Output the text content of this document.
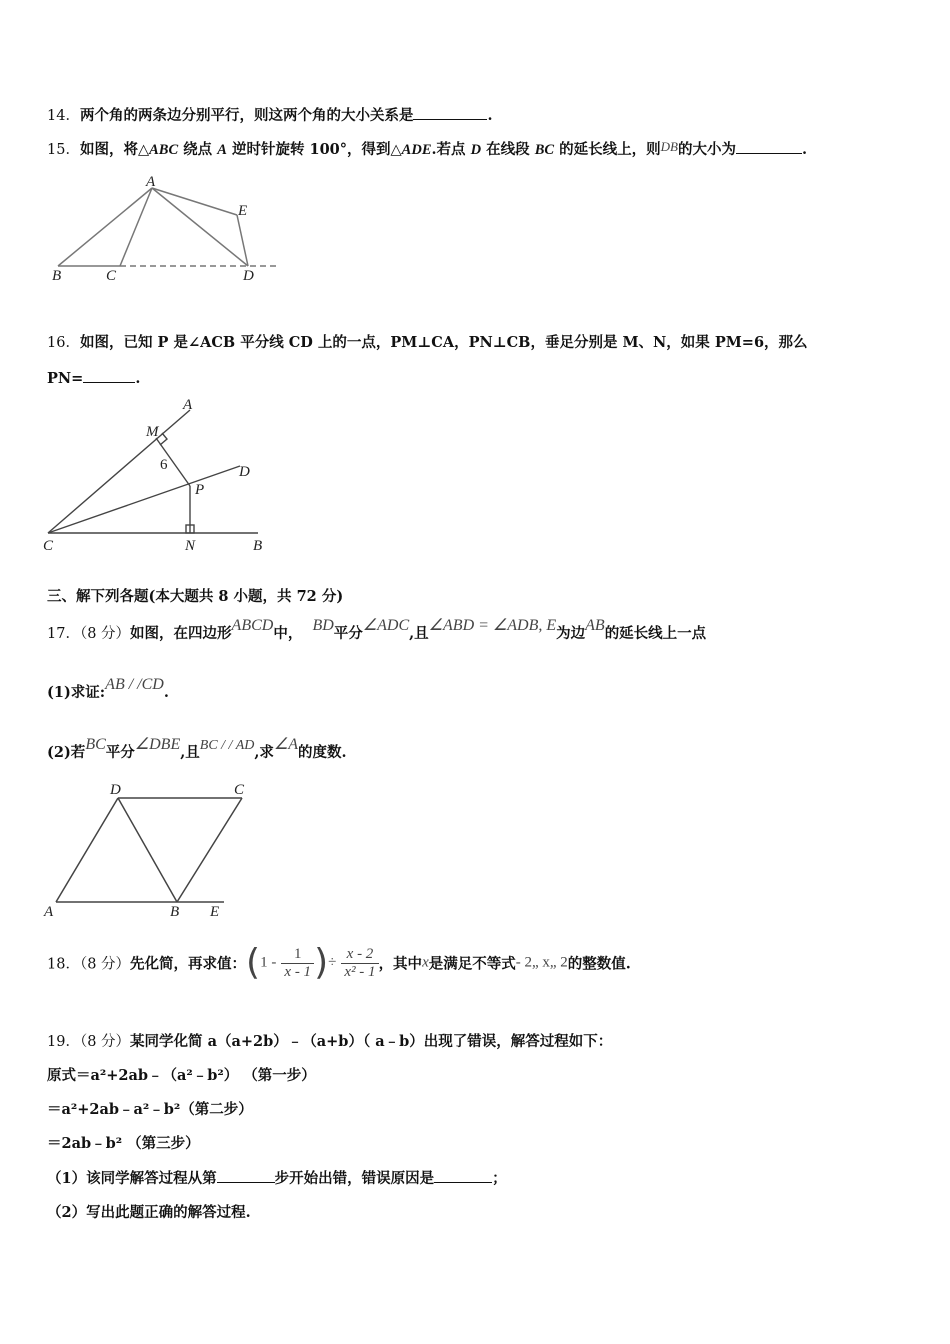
14．两个角的两条边分别平行，则这两个角的大小关系是	.
15．如图，将△ABC 绕点 A 逆时针旋转 100°，得到△ADE.若点 D 在线段 BC 的延长线上，则DB的大小为	.
A
B	C	D
E
16．如图，已知 P 是∠ACB 平分线 CD 上的一点，PM⊥CA，PN⊥CB，垂足分别是 M、N，如果 PM=6，那么
PN=	.
A
M
6	D
P
C	N	B
三、解下列各题(本大题共 8 小题，共 72 分)
17．（8 分）如图，在四边形ABCD中， BD平分∠ADC,且∠ABD = ∠ADB, E为边AB的延长线上一点
(1)求证:AB / /CD.
(2)若BC平分∠DBE,且BC / / AD,求∠A的度数.
D	C
A	B E
18．（8 分）先化简，再求值：($1 - \frac{1}{x - 1}$ )÷ $\frac{x - 2}{\text{x² - 1}}$ ，其中x是满足不等式- 2„ x„ 2的整数值.
19．（8 分）某同学化简 a（a+2b）﹣（a+b）（ a﹣b）出现了错误，解答过程如下：
原式＝a²+2ab﹣（a²﹣b²） （第一步）
＝a²+2ab﹣a²﹣b²（第二步）
＝2ab﹣b² （第三步）
（1）该同学解答过程从第	步开始出错，错误原因是	；
（2）写出此题正确的解答过程.
